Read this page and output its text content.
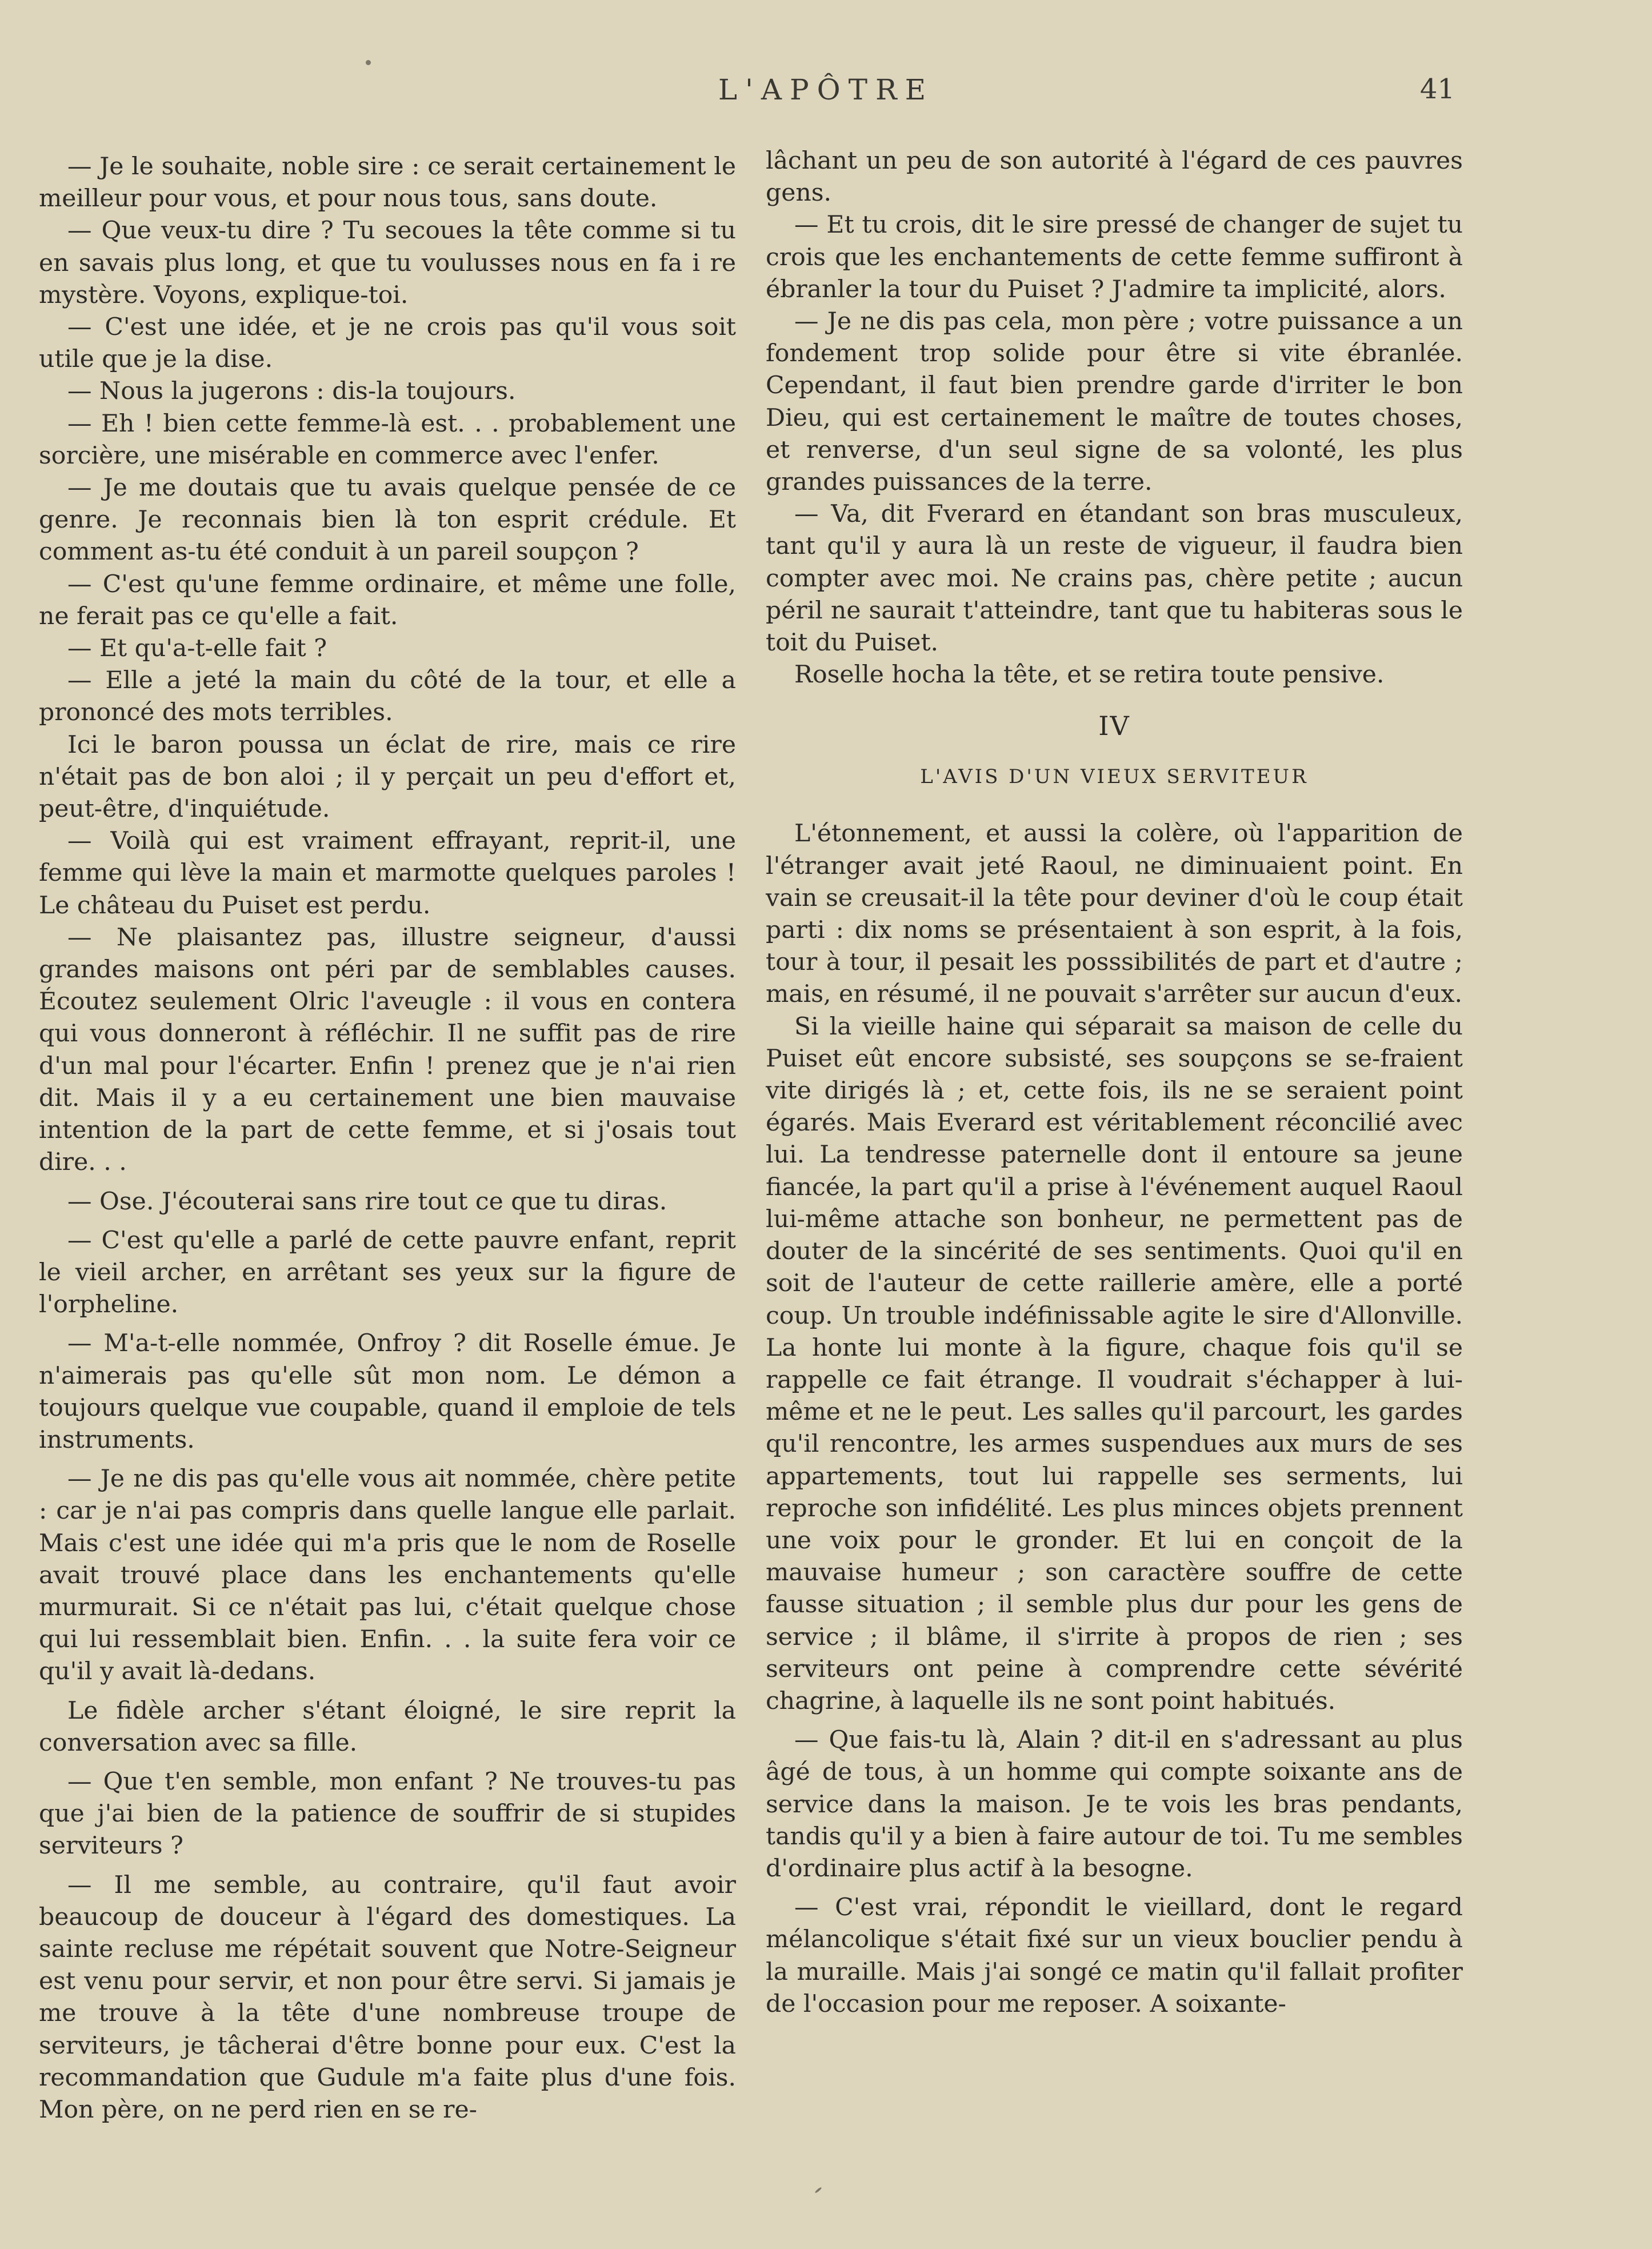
L'APÔTRE	41

— Je le souhaite, noble sire : ce serait certainement le meilleur pour vous, et pour nous tous, sans doute.

— Que veux-tu dire ? Tu secoues la tête comme si tu en savais plus long, et que tu voulusses nous en fa i re mystère. Voyons, explique-toi.

— C'est une idée, et je ne crois pas qu'il vous soit utile que je la dise.

— Nous la jugerons : dis-la toujours.

— Eh ! bien cette femme-là est. . . probablement une sorcière, une misérable en commerce avec l'enfer.

— Je me doutais que tu avais quelque pensée de ce genre. Je reconnais bien là ton esprit crédule. Et comment as-tu été conduit à un pareil soupçon ?

— C'est qu'une femme ordinaire, et même une folle, ne ferait pas ce qu'elle a fait.

— Et qu'a-t-elle fait ?

— Elle a jeté la main du côté de la tour, et elle a prononcé des mots terribles.

Ici le baron poussa un éclat de rire, mais ce rire n'était pas de bon aloi ; il y perçait un peu d'effort et, peut-être, d'inquiétude.

— Voilà qui est vraiment effrayant, reprit-il, une femme qui lève la main et marmotte quelques paroles ! Le château du Puiset est perdu.

— Ne plaisantez pas, illustre seigneur, d'aussi grandes maisons ont péri par de semblables causes. Écoutez seulement Olric l'aveugle : il vous en contera qui vous donneront à réfléchir. Il ne suffit pas de rire d'un mal pour l'écarter. Enfin ! prenez que je n'ai rien dit. Mais il y a eu certainement une bien mauvaise intention de la part de cette femme, et si j'osais tout dire. . .

— Ose. J'écouterai sans rire tout ce que tu diras.

— C'est qu'elle a parlé de cette pauvre enfant, reprit le vieil archer, en arrêtant ses yeux sur la figure de l'orpheline.

— M'a-t-elle nommée, Onfroy ? dit Roselle émue. Je n'aimerais pas qu'elle sût mon nom. Le démon a toujours quelque vue coupable, quand il emploie de tels instruments.

— Je ne dis pas qu'elle vous ait nommée, chère petite : car je n'ai pas compris dans quelle langue elle parlait. Mais c'est une idée qui m'a pris que le nom de Roselle avait trouvé place dans les enchantements qu'elle murmurait. Si ce n'était pas lui, c'était quelque chose qui lui ressemblait bien. Enfin. . . la suite fera voir ce qu'il y avait là-dedans.

Le fidèle archer s'étant éloigné, le sire reprit la conversation avec sa fille.

— Que t'en semble, mon enfant ? Ne trouves-tu pas que j'ai bien de la patience de souffrir de si stupides serviteurs ?

— Il me semble, au contraire, qu'il faut avoir beaucoup de douceur à l'égard des domestiques. La sainte recluse me répétait souvent que Notre-Seigneur est venu pour servir, et non pour être servi. Si jamais je me trouve à la tête d'une nombreuse troupe de serviteurs, je tâcherai d'être bonne pour eux. C'est la recommandation que Gudule m'a faite plus d'une fois. Mon père, on ne perd rien en se re-

lâchant un peu de son autorité à l'égard de ces pauvres gens.

— Et tu crois, dit le sire pressé de changer de sujet tu crois que les enchantements de cette femme suffiront à ébranler la tour du Puiset ? J'admire ta implicité, alors.

— Je ne dis pas cela, mon père ; votre puissance a un fondement trop solide pour être si vite ébranlée. Cependant, il faut bien prendre garde d'irriter le bon Dieu, qui est certainement le maître de toutes choses, et renverse, d'un seul signe de sa volonté, les plus grandes puissances de la terre.

— Va, dit Fverard en étandant son bras musculeux, tant qu'il y aura là un reste de vigueur, il faudra bien compter avec moi. Ne crains pas, chère petite ; aucun péril ne saurait t'atteindre, tant que tu habiteras sous le toit du Puiset.

Roselle hocha la tête, et se retira toute pensive.

IV
L'AVIS D'UN VIEUX SERVITEUR

L'étonnement, et aussi la colère, où l'apparition de l'étranger avait jeté Raoul, ne diminuaient point. En vain se creusait-il la tête pour deviner d'où le coup était parti : dix noms se présentaient à son esprit, à la fois, tour à tour, il pesait les posssibilités de part et d'autre ; mais, en résumé, il ne pouvait s'arrêter sur aucun d'eux.

Si la vieille haine qui séparait sa maison de celle du Puiset eût encore subsisté, ses soupçons se se-fraient vite dirigés là ; et, cette fois, ils ne se seraient point égarés. Mais Everard est véritablement réconcilié avec lui. La tendresse paternelle dont il entoure sa jeune fiancée, la part qu'il a prise à l'événement auquel Raoul lui-même attache son bonheur, ne permettent pas de douter de la sincérité de ses sentiments. Quoi qu'il en soit de l'auteur de cette raillerie amère, elle a porté coup. Un trouble indéfinissable agite le sire d'Allonville. La honte lui monte à la figure, chaque fois qu'il se rappelle ce fait étrange. Il voudrait s'échapper à lui-même et ne le peut. Les salles qu'il parcourt, les gardes qu'il rencontre, les armes suspendues aux murs de ses appartements, tout lui rappelle ses serments, lui reproche son infidélité. Les plus minces objets prennent une voix pour le gronder. Et lui en conçoit de la mauvaise humeur ; son caractère souffre de cette fausse situation ; il semble plus dur pour les gens de service ; il blâme, il s'irrite à propos de rien ; ses serviteurs ont peine à comprendre cette sévérité chagrine, à laquelle ils ne sont point habitués.

— Que fais-tu là, Alain ? dit-il en s'adressant au plus âgé de tous, à un homme qui compte soixante ans de service dans la maison. Je te vois les bras pendants, tandis qu'il y a bien à faire autour de toi. Tu me sembles d'ordinaire plus actif à la besogne.

— C'est vrai, répondit le vieillard, dont le regard mélancolique s'était fixé sur un vieux bouclier pendu à la muraille. Mais j'ai songé ce matin qu'il fallait profiter de l'occasion pour me reposer. A soixante-
